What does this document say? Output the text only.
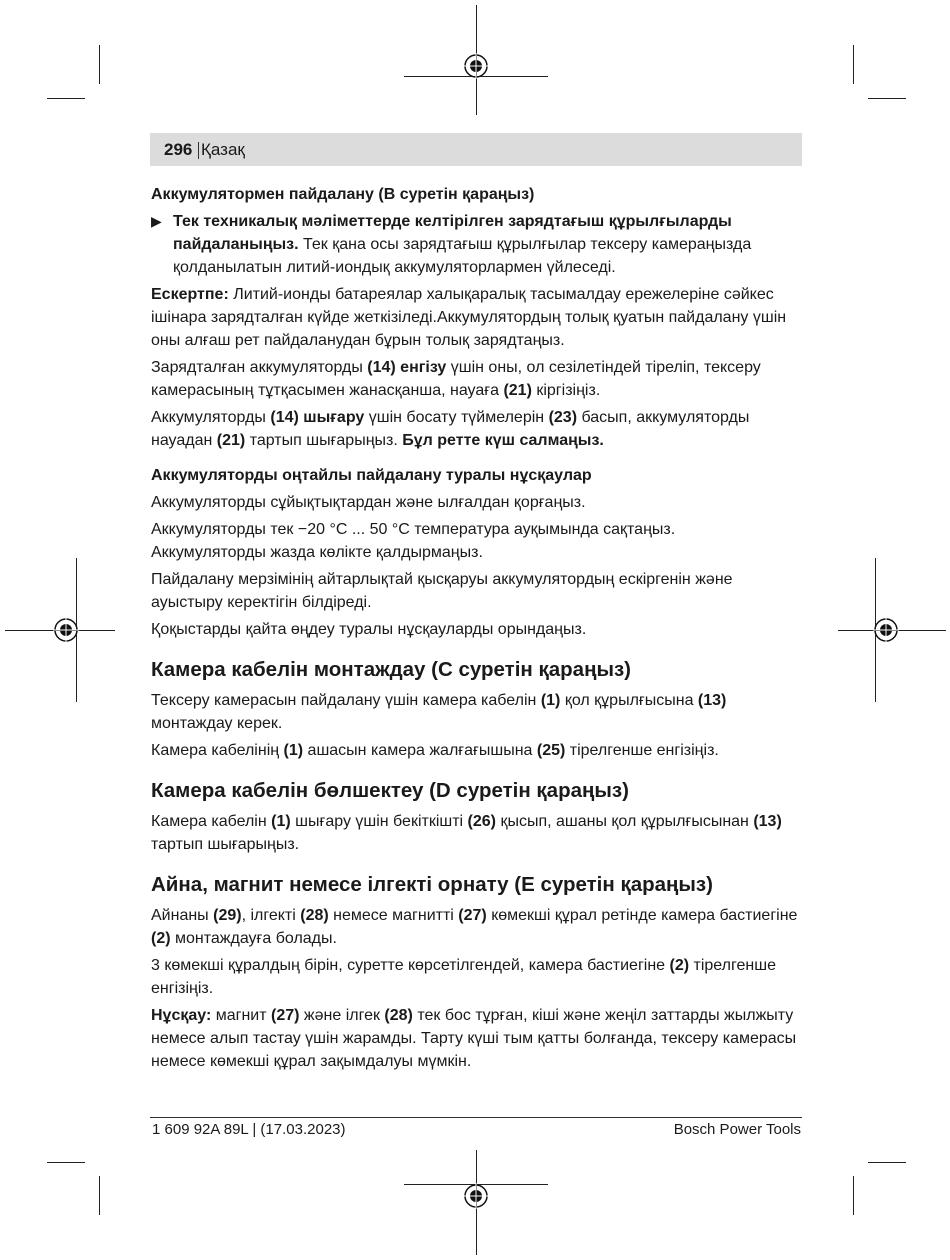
296 Қазақ
Аккумулятормен пайдалану (B суретін қараңыз)
▶ Тек техникалық мәліметтерде келтірілген зарядтағыш құрылғыларды пайдаланыңыз. Тек қана осы зарядтағыш құрылғылар тексеру камераңызда қолданылатын литий-иондық аккумуляторлармен үйлеседі.

Ескертпе: Литий-ионды батареялар халықаралық тасымалдау ережелеріне сәйкес ішінара зарядталған күйде жеткізіледі.Аккумулятордың толық қуатын пайдалану үшін оны алғаш рет пайдаланудан бұрын толық зарядтаңыз.

Зарядталған аккумуляторды (14) енгізу үшін оны, ол сезілетіндей тіреліп, тексеру камерасының тұтқасымен жанасқанша, науаға (21) кіргізіңіз.

Аккумуляторды (14) шығару үшін босату түймелерін (23) басып, аккумуляторды науадан (21) тартып шығарыңыз. Бұл ретте күш салмаңыз.

Аккумуляторды оңтайлы пайдалану туралы нұсқаулар

Аккумуляторды сұйықтықтардан және ылғалдан қорғаңыз.

Аккумуляторды тек −20 °C ... 50 °C температура ауқымында сақтаңыз.

Аккумуляторды жазда көлікте қалдырмаңыз.

Пайдалану мерзімінің айтарлықтай қысқаруы аккумулятордың ескіргенін және ауыстыру керектігін білдіреді.

Қоқыстарды қайта өңдеу туралы нұсқауларды орындаңыз.

Камера кабелін монтаждау (C суретін қараңыз)

Тексеру камерасын пайдалану үшін камера кабелін (1) қол құрылғысына (13) монтаждау керек.

Камера кабелінің (1) ашасын камера жалғағышына (25) тірелгенше енгізіңіз.

Камера кабелін бөлшектеу (D суретін қараңыз)

Камера кабелін (1) шығару үшін бекіткішті (26) қысып, ашаны қол құрылғысынан (13) тартып шығарыңыз.

Айна, магнит немесе ілгекті орнату (E суретін қараңыз)

Айнаны (29), ілгекті (28) немесе магнитті (27) көмекші құрал ретінде камера бастиегіне (2) монтаждауға болады.

3 көмекші құралдың бірін, суретте көрсетілгендей, камера бастиегіне (2) тірелгенше енгізіңіз.

Нұсқау: магнит (27) және ілгек (28) тек бос тұрған, кіші және жеңіл заттарды жылжыту немесе алып тастау үшін жарамды. Тарту күші тым қатты болғанда, тексеру камерасы немесе көмекші құрал зақымдалуы мүмкін.

1 609 92A 89L | (17.03.2023)	Bosch Power Tools
